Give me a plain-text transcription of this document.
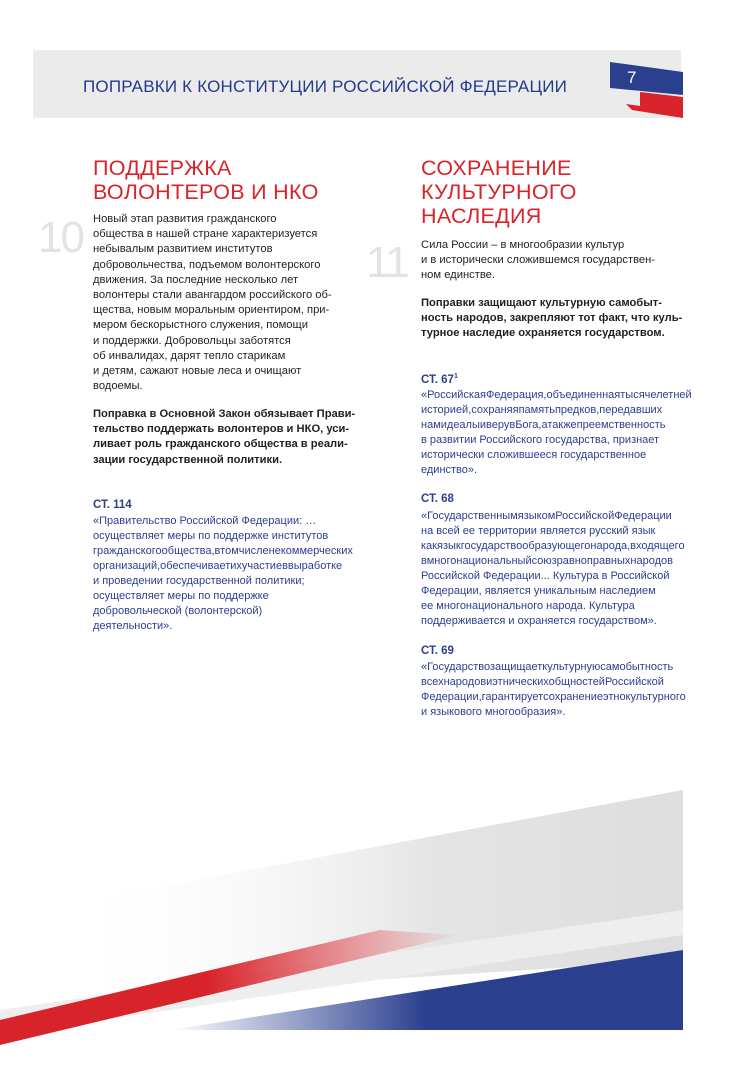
ПОПРАВКИ К КОНСТИТУЦИИ РОССИЙСКОЙ ФЕДЕРАЦИИ	7
10
ПОДДЕРЖКА
ВОЛОНТЕРОВ И НКО
Новый этап развития гражданского
общества в нашей стране характеризуется
небывалым развитием институтов
добровольчества, подъемом волонтерского
движения. За последние несколько лет
волонтеры стали авангардом российского об-
щества, новым моральным ориентиром, при-
мером бескорыстного служения, помощи
и поддержки. Добровольцы заботятся
об инвалидах, дарят тепло старикам
и детям, сажают новые леса и очищают
водоемы.
Поправка в Основной Закон обязывает Прави-
тельство поддержать волонтеров и НКО, уси-
ливает роль гражданского общества в реали-
зации государственной политики.
СТ. 114
«Правительство Российской Федерации: …
осуществляет меры по поддержке институтов
гражданскогообщества,втомчисленекоммерческих
организаций,обеспечиваетихучастиеввыработке
и проведении государственной политики;
осуществляет меры по поддержке
добровольческой (волонтерской)
деятельности».
11
СОХРАНЕНИЕ
КУЛЬТУРНОГО
НАСЛЕДИЯ
Сила России – в многообразии культур
и в исторически сложившемся государствен-
ном единстве.
Поправки защищают культурную самобыт-
ность народов, закрепляют тот факт, что куль-
турное наследие охраняется государством.
СТ. $67^1$
«РоссийскаяФедерация,объединеннаятысячелетней
историей,сохраняяпамятьпредков,передавших
намидеалыиверувБога,атакжепреемственность
в развитии Российского государства, признает
исторически сложившееся государственное
единство».
СТ. 68
«ГосударственнымязыкомРоссийскойФедерации
на всей ее территории является русский язык
какязыкгосударствообразующегонарода,входящего
вмногонациональныйсоюзравноправныхнародов
Российской Федерации... Культура в Российской
Федерации, является уникальным наследием
ее многонационального народа. Культура
поддерживается и охраняется государством».
СТ. 69
«Государствозащищаеткультурнуюсамобытность
всехнародовиэтническихобщностейРоссийской
Федерации,гарантируетсохранениеэтнокультурного
и языкового многообразия».
